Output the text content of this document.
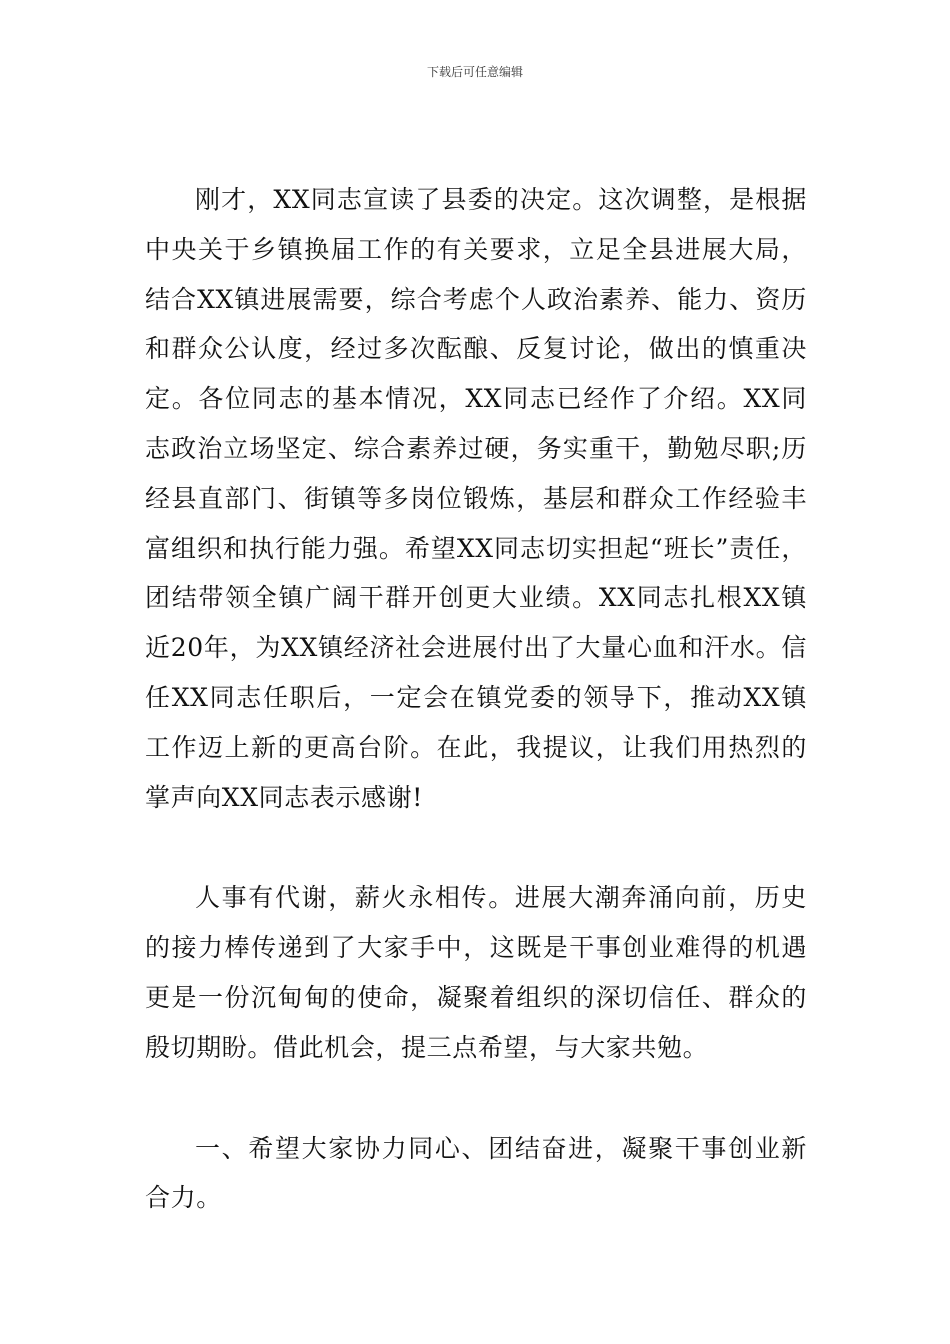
下载后可任意编辑

刚才，XX同志宣读了县委的决定。这次调整，是根据中央关于乡镇换届工作的有关要求，立足全县进展大局，结合XX镇进展需要，综合考虑个人政治素养、能力、资历和群众公认度，经过多次酝酿、反复讨论，做出的慎重决定。各位同志的基本情况，XX同志已经作了介绍。XX同志政治立场坚定、综合素养过硬，务实重干，勤勉尽职;历经县直部门、街镇等多岗位锻炼，基层和群众工作经验丰富组织和执行能力强。希望XX同志切实担起“班长”责任，团结带领全镇广阔干群开创更大业绩。XX同志扎根XX镇近20年，为XX镇经济社会进展付出了大量心血和汗水。信任XX同志任职后，一定会在镇党委的领导下，推动XX镇工作迈上新的更高台阶。在此，我提议，让我们用热烈的掌声向XX同志表示感谢!

人事有代谢，薪火永相传。进展大潮奔涌向前，历史的接力棒传递到了大家手中，这既是干事创业难得的机遇更是一份沉甸甸的使命，凝聚着组织的深切信任、群众的殷切期盼。借此机会，提三点希望，与大家共勉。

一、希望大家协力同心、团结奋进，凝聚干事创业新合力。
